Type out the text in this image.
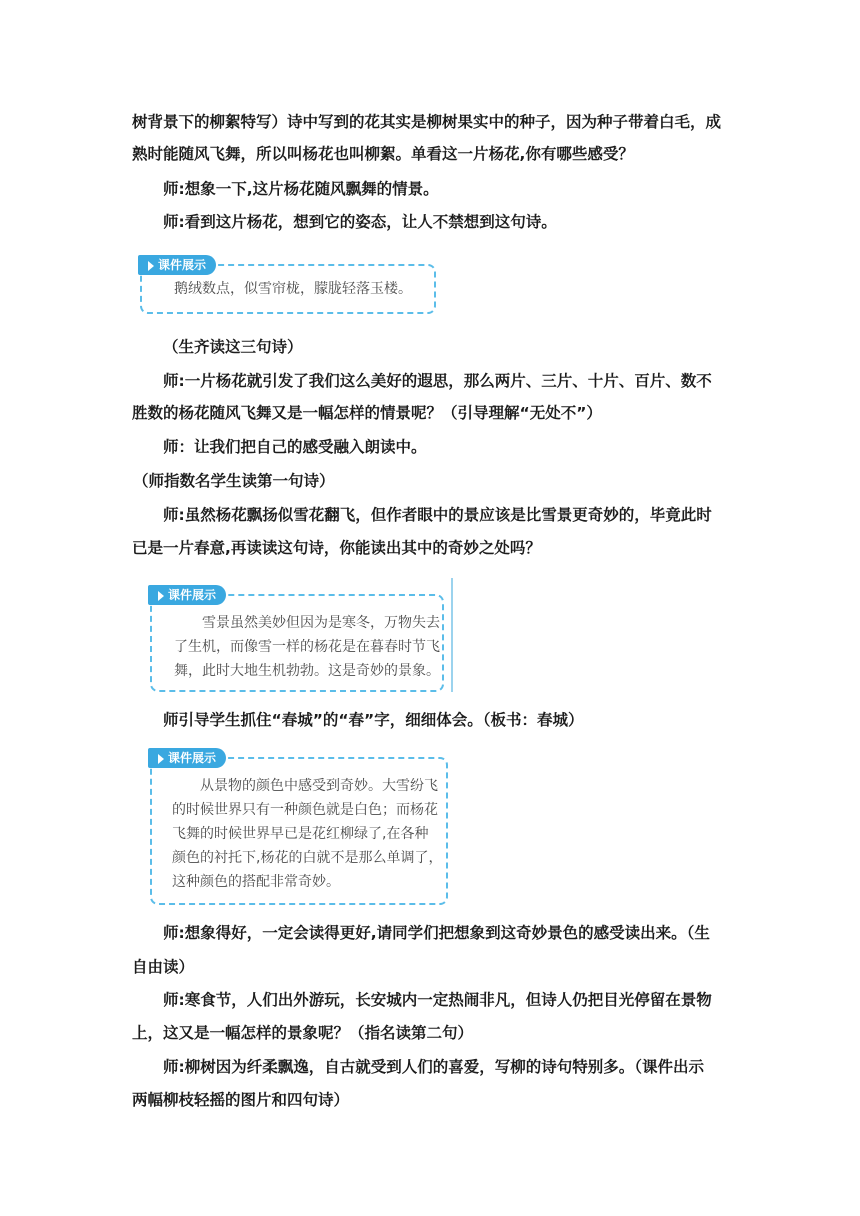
树背景下的柳絮特写）诗中写到的花其实是柳树果实中的种子，因为种子带着白毛，成
熟时能随风飞舞，所以叫杨花也叫柳絮。单看这一片杨花,你有哪些感受？
师:想象一下,这片杨花随风飘舞的情景。
师:看到这片杨花，想到它的姿态，让人不禁想到这句诗。
课件展示
鹅绒数点，似雪帘栊，朦胧轻落玉楼。
（生齐读这三句诗）
师:一片杨花就引发了我们这么美好的遐思，那么两片、三片、十片、百片、数不
胜数的杨花随风飞舞又是一幅怎样的情景呢？（引导理解“无处不”）
师：让我们把自己的感受融入朗读中。
（师指数名学生读第一句诗）
师:虽然杨花飘扬似雪花翻飞，但作者眼中的景应该是比雪景更奇妙的，毕竟此时
已是一片春意,再读读这句诗，你能读出其中的奇妙之处吗？
课件展示
雪景虽然美妙但因为是寒冬，万物失去
了生机，而像雪一样的杨花是在暮春时节飞
舞，此时大地生机勃勃。这是奇妙的景象。
师引导学生抓住“春城”的“春”字，细细体会。（板书：春城）
课件展示
从景物的颜色中感受到奇妙。大雪纷飞
的时候世界只有一种颜色就是白色；而杨花
飞舞的时候世界早已是花红柳绿了,在各种
颜色的衬托下,杨花的白就不是那么单调了，
这种颜色的搭配非常奇妙。
师:想象得好，一定会读得更好,请同学们把想象到这奇妙景色的感受读出来。（生
自由读）
师:寒食节，人们出外游玩，长安城内一定热闹非凡，但诗人仍把目光停留在景物
上，这又是一幅怎样的景象呢？（指名读第二句）
师:柳树因为纤柔飘逸，自古就受到人们的喜爱，写柳的诗句特别多。（课件出示
两幅柳枝轻摇的图片和四句诗）
